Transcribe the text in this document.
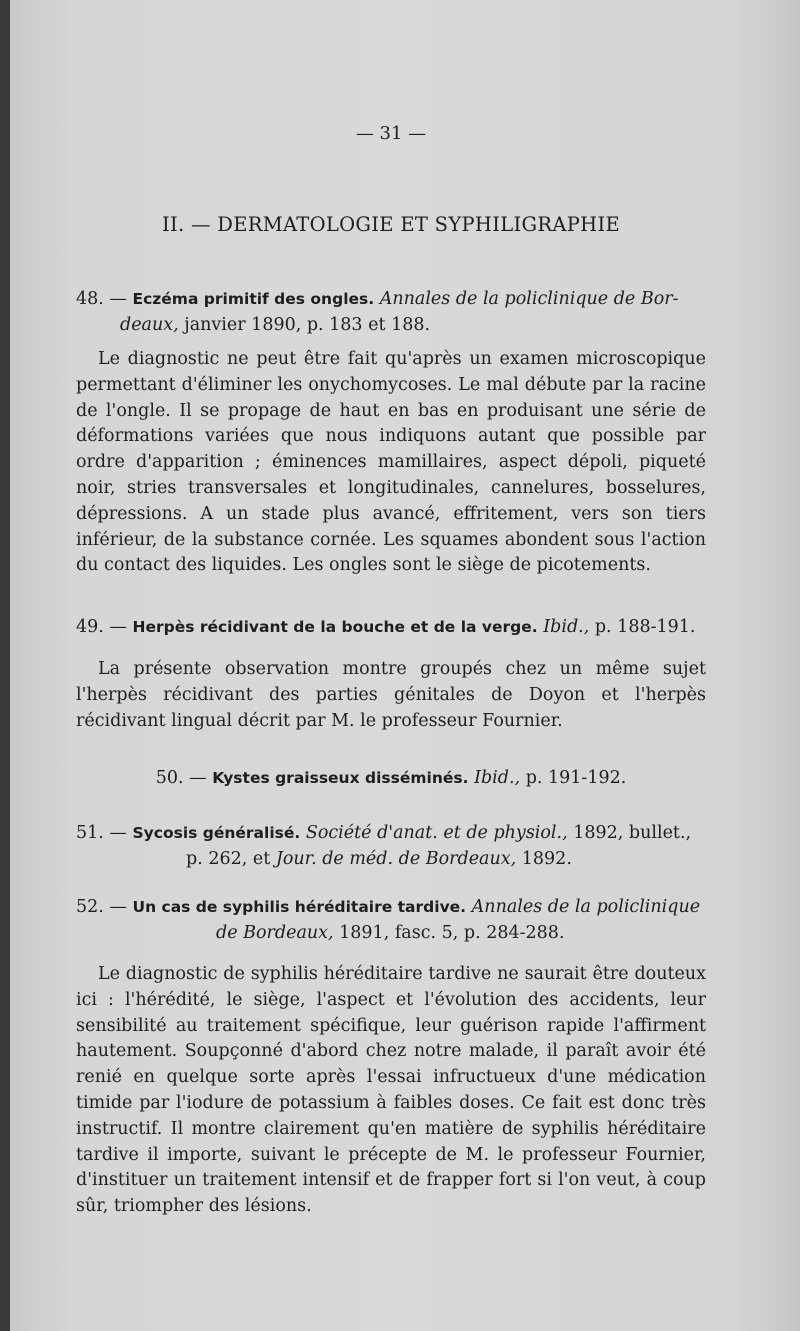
— 31 —
II. — DERMATOLOGIE ET SYPHILIGRAPHIE
48. — Eczéma primitif des ongles. Annales de la policlinique de Bor-
deaux, janvier 1890, p. 183 et 188.

Le diagnostic ne peut être fait qu'après un examen microscopique permettant d'éliminer les onychomycoses. Le mal débute par la racine de l'ongle. Il se propage de haut en bas en produisant une série de déformations variées que nous indiquons autant que possible par ordre d'apparition ; éminences mamillaires, aspect dépoli, piqueté noir, stries transversales et longitudinales, cannelures, bosselures, dépressions. A un stade plus avancé, effritement, vers son tiers inférieur, de la substance cornée. Les squames abondent sous l'action du contact des liquides. Les ongles sont le siège de picotements.

49. — Herpès récidivant de la bouche et de la verge. Ibid., p. 188-191.

La présente observation montre groupés chez un même sujet l'herpès récidivant des parties génitales de Doyon et l'herpès récidivant lingual décrit par M. le professeur Fournier.

50. — Kystes graisseux disséminés. Ibid., p. 191-192.
51. — Sycosis généralisé. Société d'anat. et de physiol., 1892, bullet.,
p. 262, et Jour. de méd. de Bordeaux, 1892.
52. — Un cas de syphilis héréditaire tardive. Annales de la policlinique
de Bordeaux, 1891, fasc. 5, p. 284-288.

Le diagnostic de syphilis héréditaire tardive ne saurait être douteux ici : l'hérédité, le siège, l'aspect et l'évolution des accidents, leur sensibilité au traitement spécifique, leur guérison rapide l'affirment hautement. Soupçonné d'abord chez notre malade, il paraît avoir été renié en quelque sorte après l'essai infructueux d'une médication timide par l'iodure de potassium à faibles doses. Ce fait est donc très instructif. Il montre clairement qu'en matière de syphilis héréditaire tardive il importe, suivant le précepte de M. le professeur Fournier, d'instituer un traitement intensif et de frapper fort si l'on veut, à coup sûr, triompher des lésions.
